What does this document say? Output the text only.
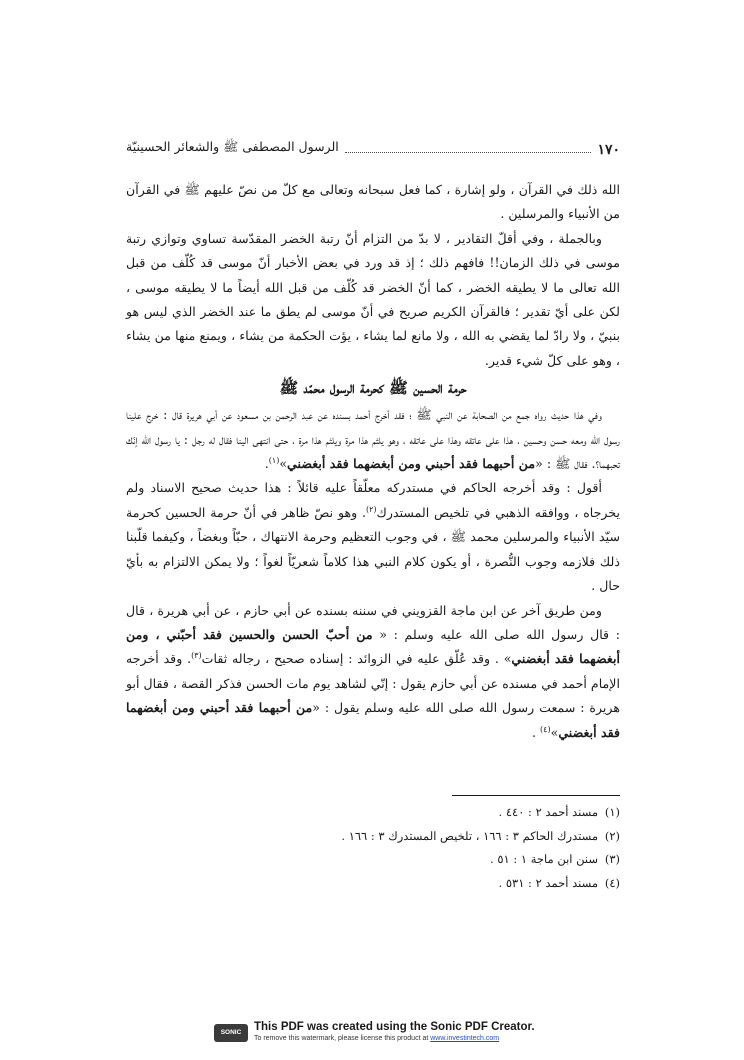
١٧٠
الرسول المصطفى ﷺ والشعائر الحسينيّة

الله ذلك في القرآن ، ولو إشارة ، كما فعل سبحانه وتعالى مع كلّ من نصّ عليهم ﷺ في القرآن من الأنبياء والمرسلين .

وبالجملة ، وفي أقلّ التقادير ، لا بدّ من التزام أنّ رتبة الخضر المقدّسة تساوي وتوازي رتبة موسى في ذلك الزمان!! فافهم ذلك ؛ إذ قد ورد في بعض الأخبار أنّ موسى قد كُلّف من قبل الله تعالى ما لا يطيقه الخضر ، كما أنّ الخضر قد كُلّف من قبل الله أيضاً ما لا يطيقه موسى ، لكن على أيّ تقدير ؛ فالقرآن الكريم صريح في أنّ موسى لم يطق ما عند الخضر الذي ليس هو بنبيّ ، ولا رادّ لما يقضي به الله ، ولا مانع لما يشاء ، يؤت الحكمة من يشاء ، ويمنع منها من يشاء ، وهو على كلّ شيء قدير.

حرمة الحسين ﷺ كحرمة الرسول محمّد ﷺ

وفي هذا حديث رواه جمع من الصحابة عن النبي ﷺ ؛ فقد أخرج أحمد بسنده عن عبد الرحمن بن مسعود عن أبي هريرة قال : خرج علينا رسول الله ومعه حسن وحسين ، هذا على عاتقه وهذا على عاتقه ، وهو يلثم هذا مرة ويلثم هذا مرة ، حتى انتهى الينا فقال له رجل : يا رسول الله إنّك تحبهما؟. فقال ﷺ : «من أحبهما فقد أحبني ومن أبغضهما فقد أبغضني»$^{(١)}$.

أقول : وقد أخرجه الحاكم في مستدركه معلّقاً عليه قائلاً : هذا حديث صحيح الاسناد ولم يخرجاه ، ووافقه الذهبي في تلخيص المستدرك$^{(٢)}$. وهو نصّ ظاهر في أنّ حرمة الحسين كحرمة سيّد الأنبياء والمرسلين محمد ﷺ ، في وجوب التعظيم وحرمة الانتهاك ، حبّاً وبغضاً ، وكيفما قلّبنا ذلك فلازمه وجوب النُّصرة ، أو يكون كلام النبي هذا كلاماً شعريّاً لغواً ؛ ولا يمكن الالتزام به بأيّ حال .

ومن طريق آخر عن ابن ماجة القزويني في سننه بسنده عن أبي حازم ، عن أبي هريرة ، قال : قال رسول الله صلى الله عليه وسلم : « من أحبّ الحسن والحسين فقد أحبّني ، ومن أبغضهما فقد أبغضني» . وقد عُلّق عليه في الزوائد : إسناده صحيح ، رجاله ثقات$^{(٣)}$. وقد أخرجه الإمام أحمد في مسنده عن أبي حازم يقول : إنّي لشاهد يوم مات الحسن فذكر القصة ، فقال أبو هريرة : سمعت رسول الله صلى الله عليه وسلم يقول : «من أحبهما فقد أحبني ومن أبغضهما فقد أبغضني»$^{(٤)}$ .

(١)مسند أحمد ٢ : ٤٤٠ .
(٢)مستدرك الحاكم ٣ : ١٦٦ ، تلخيص المستدرك ٣ : ١٦٦ .
(٣)سنن ابن ماجة ١ : ٥١ .
(٤)مسند أحمد ٢ : ٥٣١ .
SONIC PDF
This PDF was created using the Sonic PDF Creator.
To remove this watermark, please license this product at www.investintech.com
